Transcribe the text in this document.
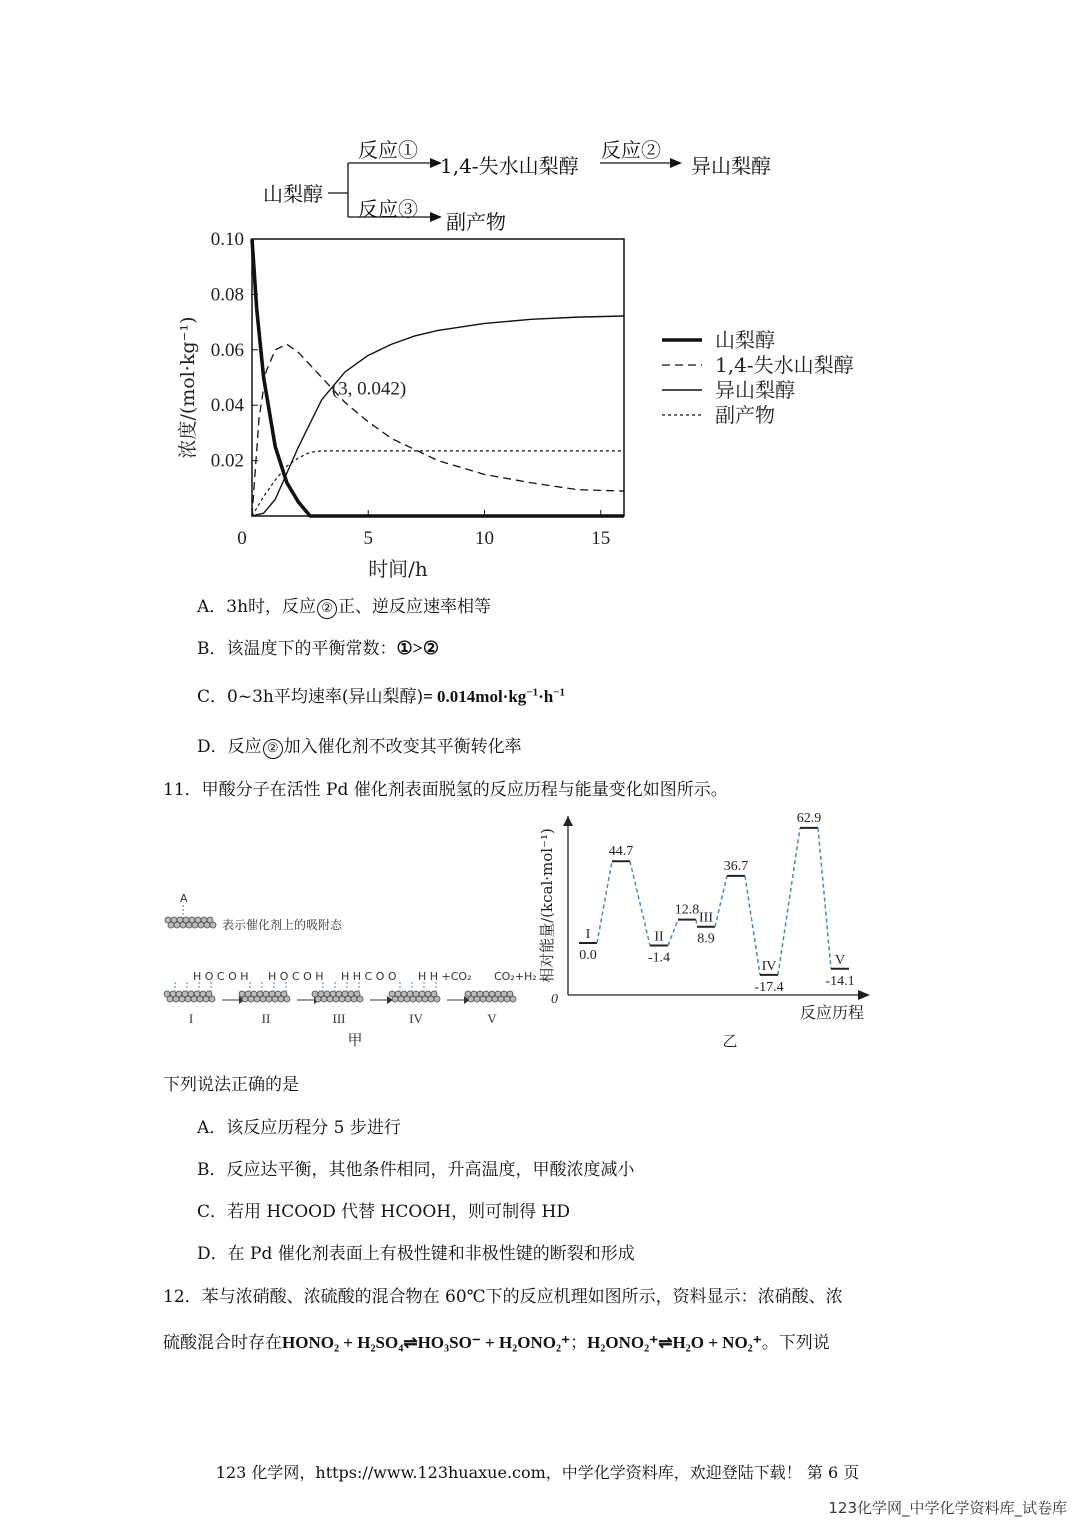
山梨醇
反应①
1,4-失水山梨醇
反应②
异山梨醇
反应③
副产物
0.02
0.04
0.06
0.08
0.10
0	5	10	15
时间/h
浓度/(mol·kg⁻¹)	山梨醇
1,4-失水山梨醇
异山梨醇
副产物
(3, 0.042)
A．3h时，反应 ② 正、逆反应速率相等
B．该温度下的平衡常数：①>②
C．0~3h平均速率(异山梨醇)= $0.014mol\cdot kg^{-1}\cdot h^{-1}$
D．反应 ② 加入催化剂不改变其平衡转化率
11．甲酸分子在活性 Pd 催化剂表面脱氢的反应历程与能量变化如图所示。
A
表示催化剂上的吸附态
H O C O H
I
H O C O H
II
H H C O O
III
H H +CO₂
IV
CO₂+H₂
V
甲
0
相对能量/(kcal·mol⁻¹)
反应历程
乙
0.0
I
44.7
-1.4
II
12.8
8.9
III
36.7
-17.4
IV
62.9
-14.1
V
下列说法正确的是
A．该反应历程分 5 步进行
B．反应达平衡，其他条件相同，升高温度，甲酸浓度减小
C．若用 HCOOD 代替 HCOOH，则可制得 HD
D．在 Pd 催化剂表面上有极性键和非极性键的断裂和形成
12．苯与浓硝酸、浓硫酸的混合物在 60℃下的反应机理如图所示，资料显示：浓硝酸、浓
硫酸混合时存在HONO₂ + H₂SO₄⇌HO₃SO⁻ + H₂ONO₂⁺；H₂ONO₂⁺⇌H₂O + NO₂⁺。下列说
123 化学网，https://www.123huaxue.com，中学化学资料库，欢迎登陆下载！ 第 6 页
123化学网_中学化学资料库_试卷库
